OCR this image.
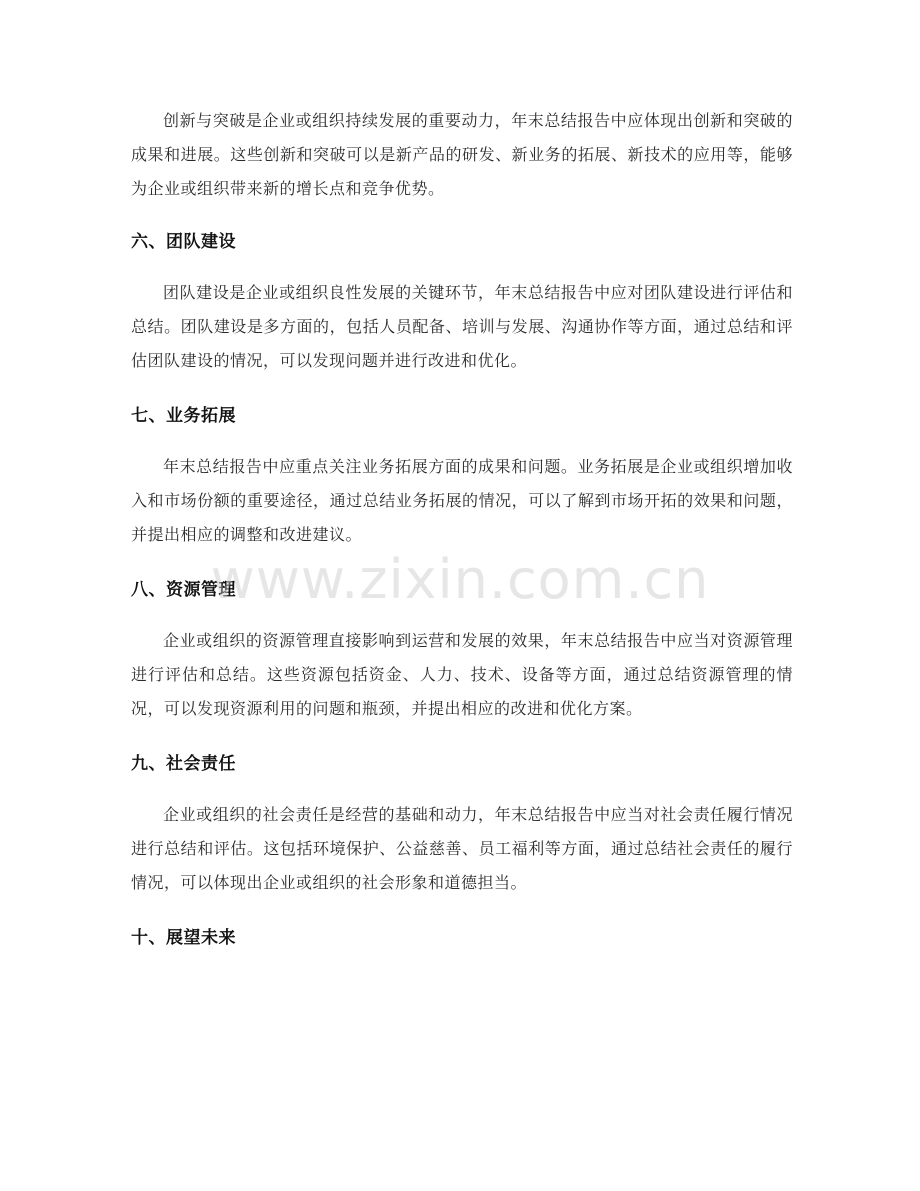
创新与突破是企业或组织持续发展的重要动力，年末总结报告中应体现出创新和突破的成果和进展。这些创新和突破可以是新产品的研发、新业务的拓展、新技术的应用等，能够为企业或组织带来新的增长点和竞争优势。

六、团队建设

团队建设是企业或组织良性发展的关键环节，年末总结报告中应对团队建设进行评估和总结。团队建设是多方面的，包括人员配备、培训与发展、沟通协作等方面，通过总结和评估团队建设的情况，可以发现问题并进行改进和优化。

七、业务拓展

年末总结报告中应重点关注业务拓展方面的成果和问题。业务拓展是企业或组织增加收入和市场份额的重要途径，通过总结业务拓展的情况，可以了解到市场开拓的效果和问题，并提出相应的调整和改进建议。

八、资源管理

企业或组织的资源管理直接影响到运营和发展的效果，年末总结报告中应当对资源管理进行评估和总结。这些资源包括资金、人力、技术、设备等方面，通过总结资源管理的情况，可以发现资源利用的问题和瓶颈，并提出相应的改进和优化方案。

九、社会责任

企业或组织的社会责任是经营的基础和动力，年末总结报告中应当对社会责任履行情况进行总结和评估。这包括环境保护、公益慈善、员工福利等方面，通过总结社会责任的履行情况，可以体现出企业或组织的社会形象和道德担当。

十、展望未来
www.zixin.com.cn
